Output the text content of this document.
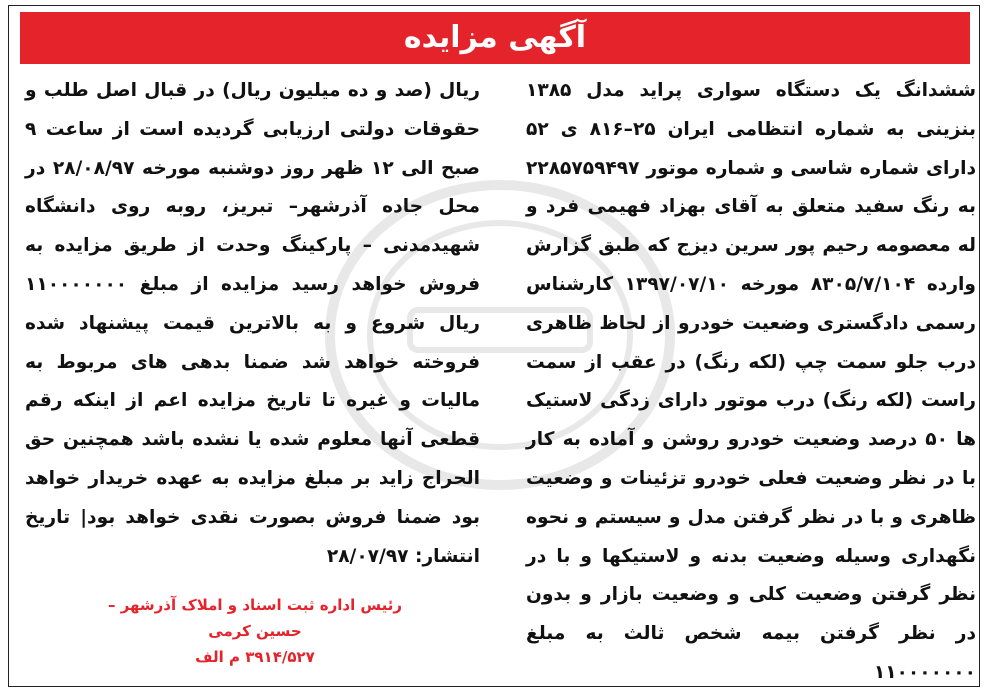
آگهی مزایده

ششدانگ یک دستگاه سواری پراید مدل ۱۳۸۵ بنزینی به شماره انتظامی ایران ۲۵–۸۱۶ ی ۵۲ دارای شماره شاسی و شماره موتور ۲۲۸۵۷۵۹۴۹۷ به رنگ سفید متعلق به آقای بهزاد فهیمی فرد و له معصومه رحیم پور سرین دیزج که طبق گزارش وارده ۸۳۰۵/۷/۱۰۴ مورخه ۱۳۹۷/۰۷/۱۰ کارشناس رسمی دادگستری وضعیت خودرو از لحاظ ظاهری درب جلو سمت چپ (لکه رنگ) در عقب از سمت راست (لکه رنگ) درب موتور دارای زدگی لاستیک ها ۵۰ درصد وضعیت خودرو روشن و آماده به کار با در نظر وضعیت فعلی خودرو تزئینات و وضعیت ظاهری و با در نظر گرفتن مدل و سیستم و نحوه نگهداری وسیله وضعیت بدنه و لاستیکها و با در نظر گرفتن وضعیت کلی و وضعیت بازار و بدون در نظر گرفتن بیمه شخص ثالث به مبلغ ۱۱۰۰۰۰۰۰۰

ریال (صد و ده میلیون ریال) در قبال اصل طلب و حقوقات دولتی ارزیابی گردیده است از ساعت ۹ صبح الی ۱۲ ظهر روز دوشنبه مورخه ۲۸/۰۸/۹۷ در محل جاده آذرشهر– تبریز، روبه روی دانشگاه شهیدمدنی – پارکینگ وحدت از طریق مزایده به فروش خواهد رسید مزایده از مبلغ ۱۱۰۰۰۰۰۰۰ ریال شروع و به بالاترین قیمت پیشنهاد شده فروخته خواهد شد ضمنا بدهی های مربوط به مالیات و غیره تا تاریخ مزایده اعم از اینکه رقم قطعی آنها معلوم شده یا نشده باشد همچنین حق الحراج زاید بر مبلغ مزایده به عهده خریدار خواهد بود ضمنا فروش بصورت نقدی خواهد بود| تاریخ انتشار: ۲۸/۰۷/۹۷

رئیس اداره ثبت اسناد و املاک آذرشهر – حسین کرمی
۳۹۱۴/۵۲۷ م الف
